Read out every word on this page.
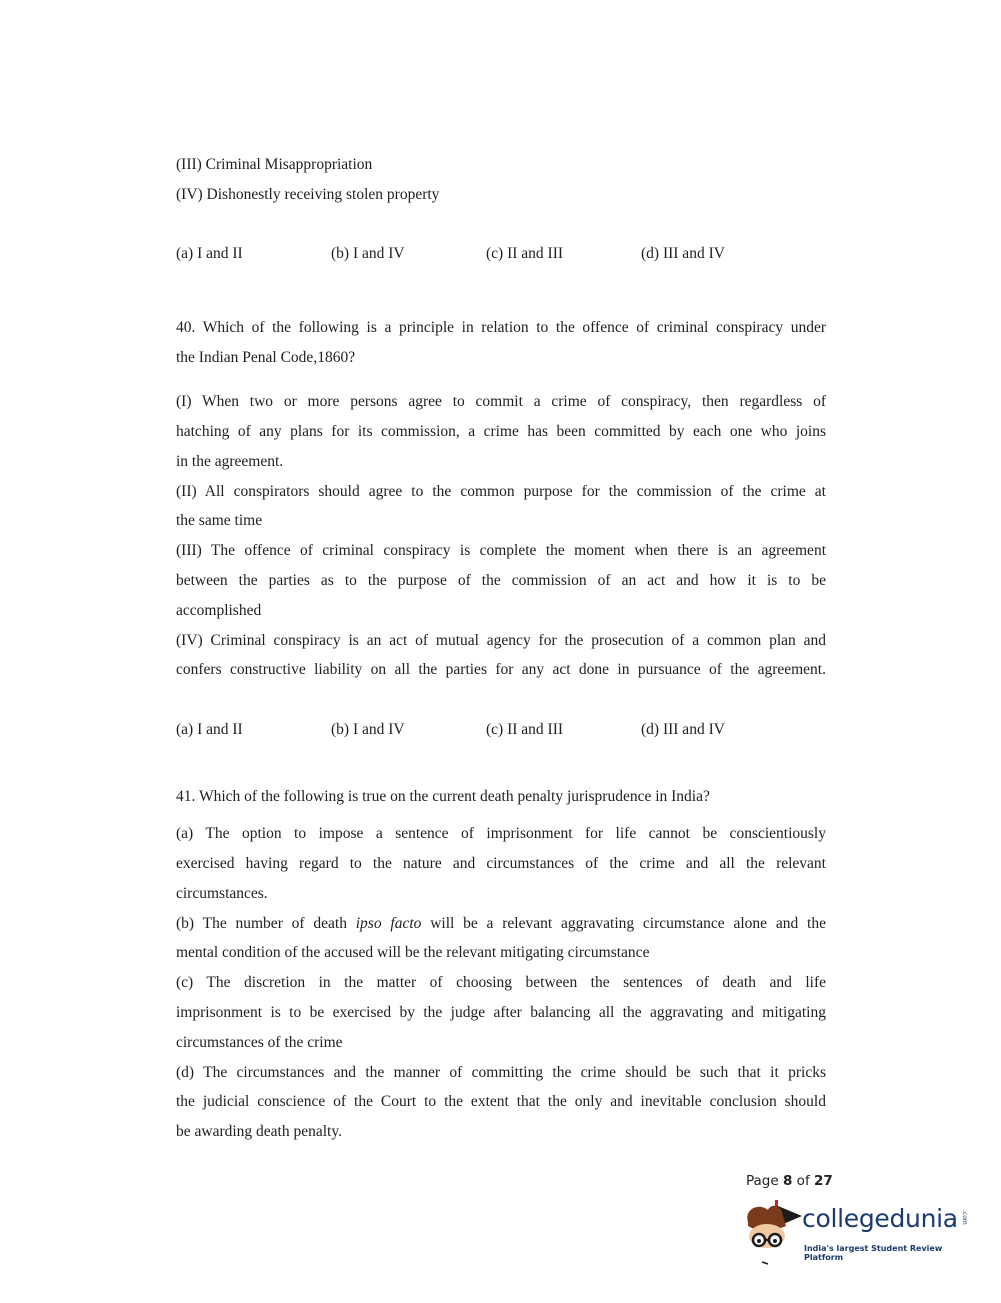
(III) Criminal Misappropriation
(IV) Dishonestly receiving stolen property
(a) I and II	(b) I and IV	(c) II and III	(d) III and IV
40. Which of the following is a principle in relation to the offence of criminal conspiracy under
the Indian Penal Code,1860?
(I) When two or more persons agree to commit a crime of conspiracy, then regardless of
hatching of any plans for its commission, a crime has been committed by each one who joins
in the agreement.
(II) All conspirators should agree to the common purpose for the commission of the crime at
the same time
(III) The offence of criminal conspiracy is complete the moment when there is an agreement
between the parties as to the purpose of the commission of an act and how it is to be
accomplished
(IV) Criminal conspiracy is an act of mutual agency for the prosecution of a common plan and
confers constructive liability on all the parties for any act done in pursuance of the agreement.
(a) I and II	(b) I and IV	(c) II and III	(d) III and IV
41. Which of the following is true on the current death penalty jurisprudence in India?
(a) The option to impose a sentence of imprisonment for life cannot be conscientiously
exercised having regard to the nature and circumstances of the crime and all the relevant
circumstances.
(b) The number of death ipso facto will be a relevant aggravating circumstance alone and the
mental condition of the accused will be the relevant mitigating circumstance
(c) The discretion in the matter of choosing between the sentences of death and life
imprisonment is to be exercised by the judge after balancing all the aggravating and mitigating
circumstances of the crime
(d) The circumstances and the manner of committing the crime should be such that it pricks
the judicial conscience of the Court to the extent that the only and inevitable conclusion should
be awarding death penalty.
Page 8 of 27
collegedunia .com
India's largest Student Review Platform
